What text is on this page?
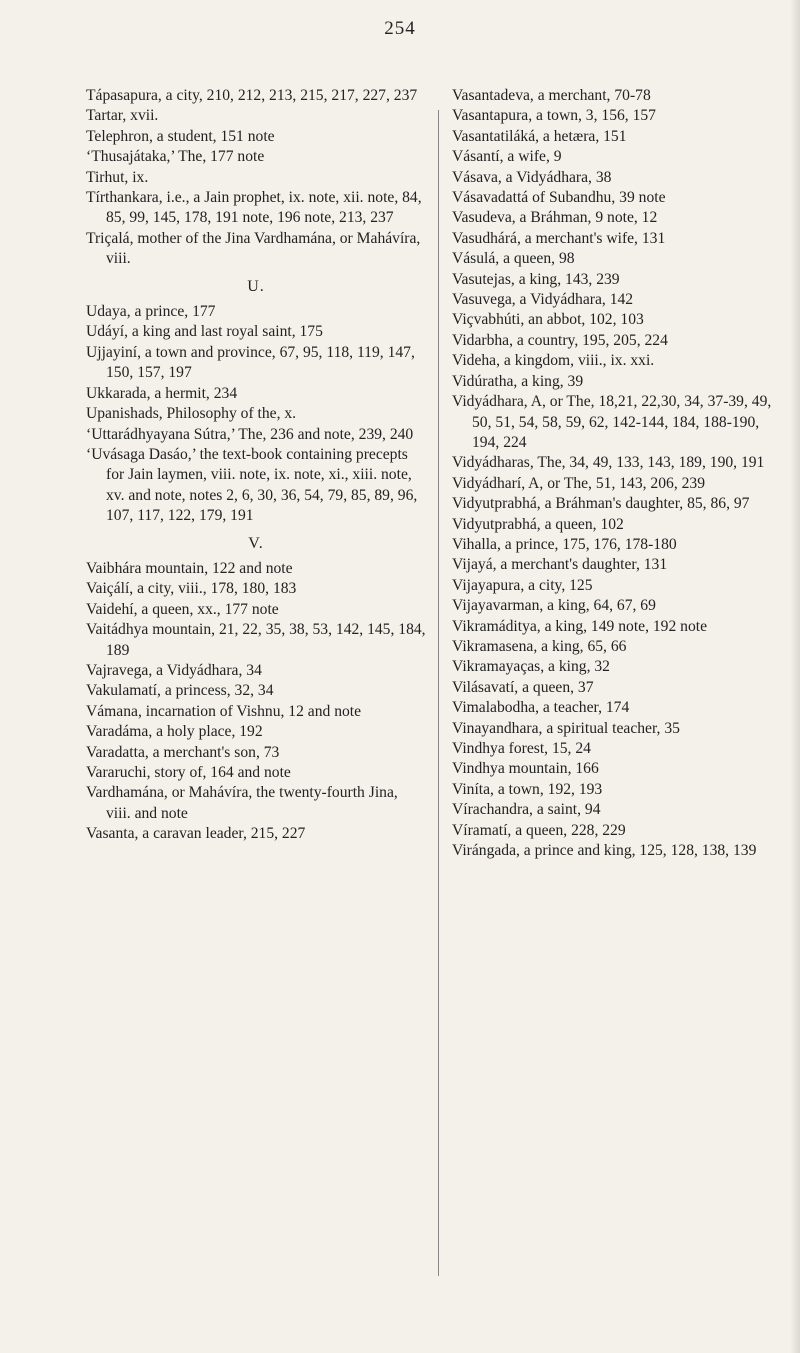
254

Tápasapura, a city, 210, 212, 213, 215, 217, 227, 237

Tartar, xvii.

Telephron, a student, 151 note

‘Thusajátaka,’ The, 177 note

Tirhut, ix.

Tírthankara, i.e., a Jain prophet, ix. note, xii. note, 84, 85, 99, 145, 178, 191 note, 196 note, 213, 237

Triçalá, mother of the Jina Vardhamána, or Mahávíra, viii.

U.

Udaya, a prince, 177

Udáyí, a king and last royal saint, 175

Ujjayiní, a town and province, 67, 95, 118, 119, 147, 150, 157, 197

Ukkarada, a hermit, 234

Upanishads, Philosophy of the, x.

‘Uttarádhyayana Sútra,’ The, 236 and note, 239, 240

‘Uvásaga Dasáo,’ the text-book containing precepts for Jain laymen, viii. note, ix. note, xi., xiii. note, xv. and note, notes 2, 6, 30, 36, 54, 79, 85, 89, 96, 107, 117, 122, 179, 191

V.

Vaibhára mountain, 122 and note

Vaiçálí, a city, viii., 178, 180, 183

Vaidehí, a queen, xx., 177 note

Vaitádhya mountain, 21, 22, 35, 38, 53, 142, 145, 184, 189

Vajravega, a Vidyádhara, 34

Vakulamatí, a princess, 32, 34

Vámana, incarnation of Vishnu, 12 and note

Varadáma, a holy place, 192

Varadatta, a merchant's son, 73

Vararuchi, story of, 164 and note

Vardhamána, or Mahávíra, the twenty-fourth Jina, viii. and note

Vasanta, a caravan leader, 215, 227

Vasantadeva, a merchant, 70-78

Vasantapura, a town, 3, 156, 157

Vasantatiláká, a hetæra, 151

Vásantí, a wife, 9

Vásava, a Vidyádhara, 38

Vásavadattá of Subandhu, 39 note

Vasudeva, a Bráhman, 9 note, 12

Vasudhárá, a merchant's wife, 131

Vásulá, a queen, 98

Vasutejas, a king, 143, 239

Vasuvega, a Vidyádhara, 142

Viçvabhúti, an abbot, 102, 103

Vidarbha, a country, 195, 205, 224

Videha, a kingdom, viii., ix. xxi.

Vidúratha, a king, 39

Vidyádhara, A, or The, 18,21, 22,30, 34, 37-39, 49, 50, 51, 54, 58, 59, 62, 142-144, 184, 188-190, 194, 224

Vidyádharas, The, 34, 49, 133, 143, 189, 190, 191

Vidyádharí, A, or The, 51, 143, 206, 239

Vidyutprabhá, a Bráhman's daughter, 85, 86, 97

Vidyutprabhá, a queen, 102

Vihalla, a prince, 175, 176, 178-180

Vijayá, a merchant's daughter, 131

Vijayapura, a city, 125

Vijayavarman, a king, 64, 67, 69

Vikramáditya, a king, 149 note, 192 note

Vikramasena, a king, 65, 66

Vikramayaças, a king, 32

Vilásavatí, a queen, 37

Vimalabodha, a teacher, 174

Vinayandhara, a spiritual teacher, 35

Vindhya forest, 15, 24

Vindhya mountain, 166

Viníta, a town, 192, 193

Vírachandra, a saint, 94

Víramatí, a queen, 228, 229

Virángada, a prince and king, 125, 128, 138, 139
